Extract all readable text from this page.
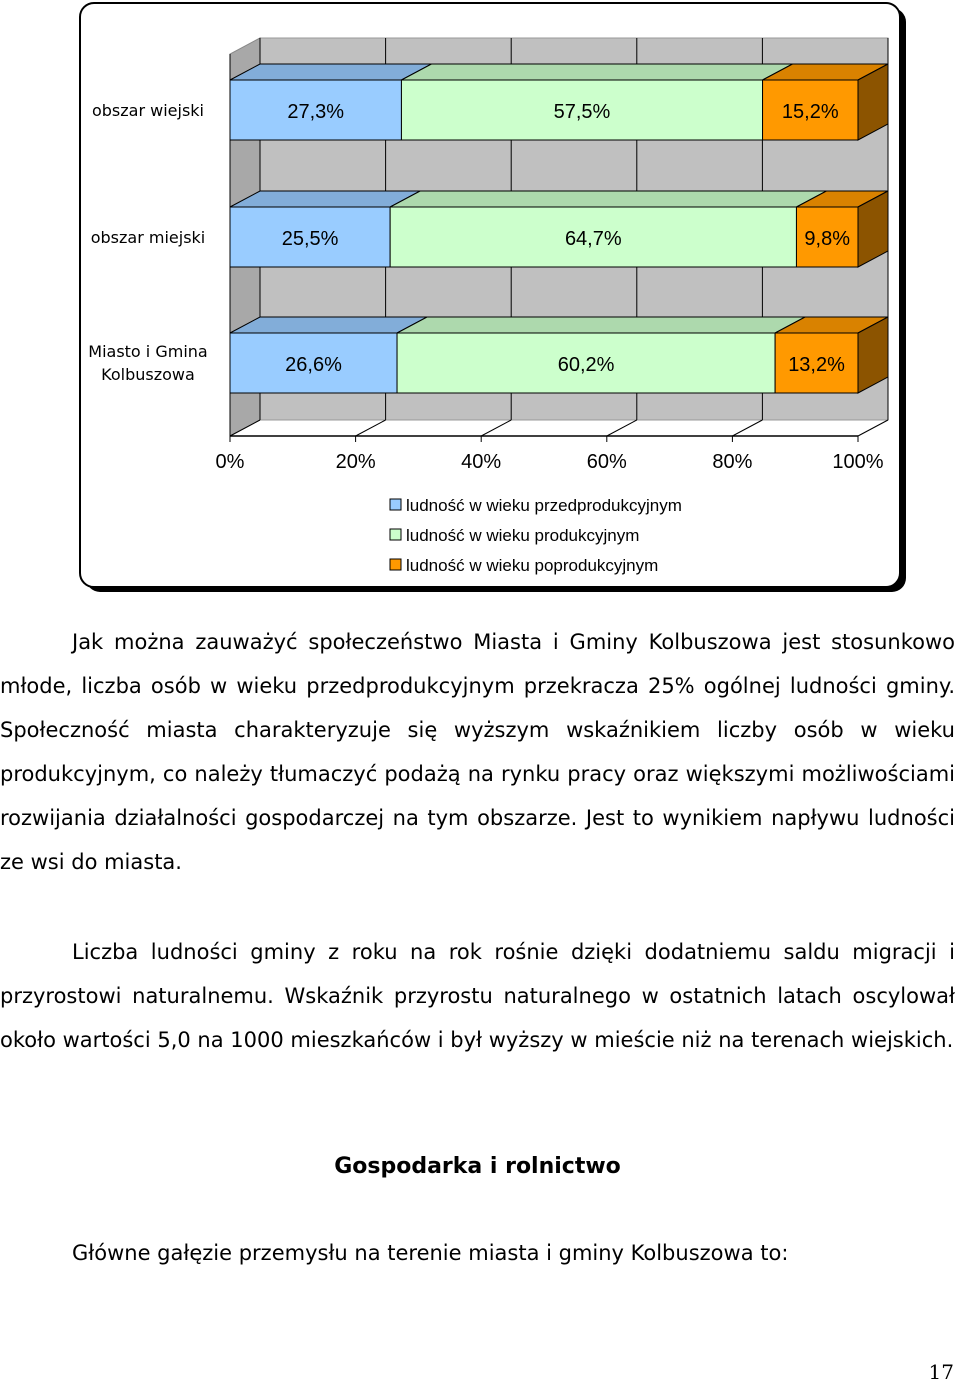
0%	20%	40%	60%	80%	100%
27,3%	57,5%	15,2%
obszar wiejski
25,5%	64,7%	9,8%
obszar miejski
26,6%	60,2%	13,2%
Miasto i Gmina
Kolbuszowa
ludność w wieku przedprodukcyjnym
ludność w wieku produkcyjnym
ludność w wieku poprodukcyjnym

Jak można zauważyć społeczeństwo Miasta i Gminy Kolbuszowa jest stosunkowo młode, liczba osób w wieku przedprodukcyjnym przekracza 25% ogólnej ludności gminy. Społeczność miasta charakteryzuje się wyższym wskaźnikiem liczby osób w wieku produkcyjnym, co należy tłumaczyć podażą na rynku pracy oraz większymi możliwościami rozwijania działalności gospodarczej na tym obszarze. Jest to wynikiem napływu ludności ze wsi do miasta.

Liczba ludności gminy z roku na rok rośnie dzięki dodatniemu saldu migracji i przyrostowi naturalnemu. Wskaźnik przyrostu naturalnego w ostatnich latach oscylował około wartości 5,0 na 1000 mieszkańców i był wyższy w mieście niż na terenach wiejskich.

Gospodarka i rolnictwo

Główne gałęzie przemysłu na terenie miasta i gminy Kolbuszowa to:

17
